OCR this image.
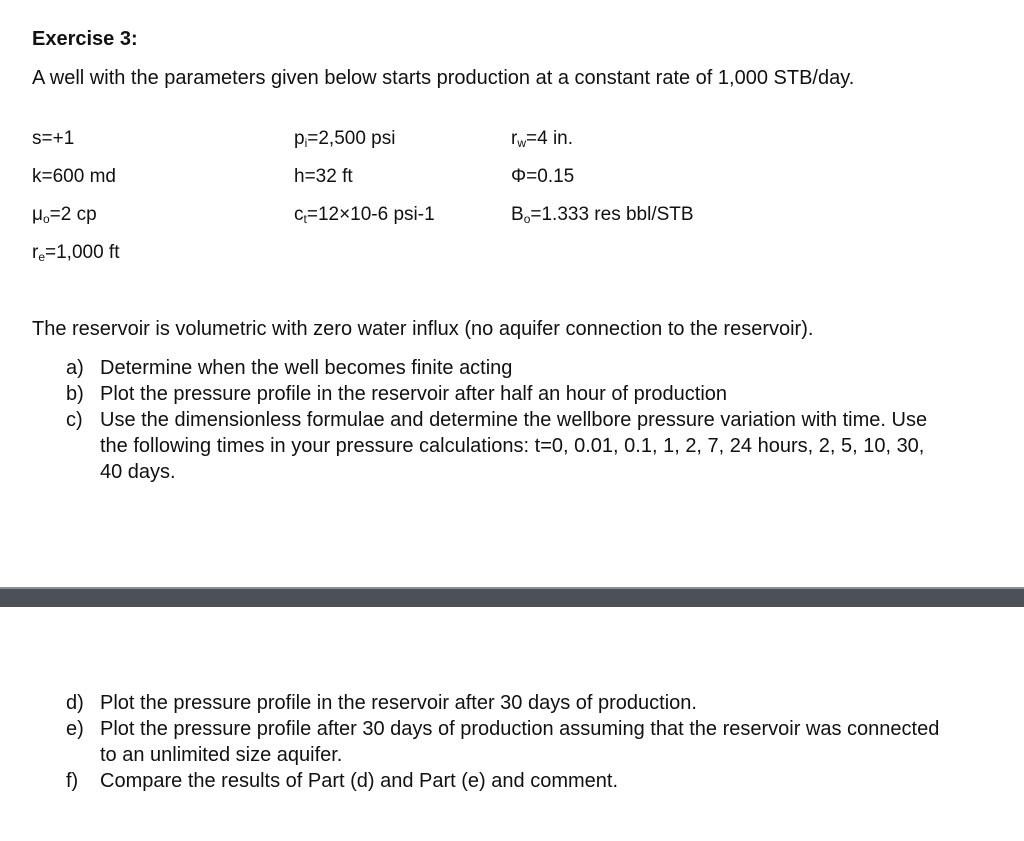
Exercise 3:
A well with the parameters given below starts production at a constant rate of 1,000 STB/day.
s=+1	$p_i=2,500$ psi	$r_w=4$ in.
k=600 md	h=32 ft	Φ=0.15
$\mu_o=2$ cp	$c_t=12\times 10-6$ psi-1	$B_o=1.333$ res bbl/STB
$r_e=1,000$ ft
The reservoir is volumetric with zero water influx (no aquifer connection to the reservoir).
a) Determine when the well becomes finite acting
b) Plot the pressure profile in the reservoir after half an hour of production
c) Use the dimensionless formulae and determine the wellbore pressure variation with time. Use the following times in your pressure calculations: t=0, 0.01, 0.1, 1, 2, 7, 24 hours, 2, 5, 10, 30, 40 days.
d) Plot the pressure profile in the reservoir after 30 days of production.
e) Plot the pressure profile after 30 days of production assuming that the reservoir was connected to an unlimited size aquifer.
f)	Compare the results of Part (d) and Part (e) and comment.
